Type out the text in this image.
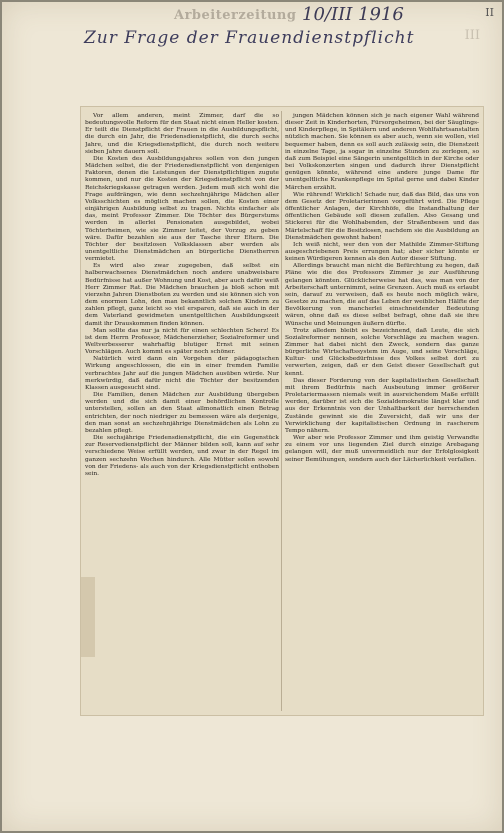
Arbeiterzeitung 10/III 1916	II
III
Zur Frage der Frauendienstpflicht

Vor allem anderen, meint Zimmer, darf die so bedeutungsvolle Reform für den Staat nicht einen Heller kosten. Er teilt die Dienstpflicht der Frauen in die Ausbildungspflicht, die durch ein Jahr, die Friedensdienstpflicht, die durch sechs Jahre, und die Kriegsdienstpflicht, die durch noch weitere sieben Jahre dauern soll.

Die Kosten des Ausbildungsjahres sollen von den jungen Mädchen selbst, die der Friedensdienstpflicht von denjenigen Faktoren, denen die Leistungen der Dienstpflichtigen zugute kommen, und nur die Kosten der Kriegsdienstpflicht von der Reichskriegskasse getragen werden. Jedem muß sich wohl die Frage aufdrängen, wie denn sechzehnjährige Mädchen aller Volksschichten es möglich machen sollen, die Kosten einer einjährigen Ausbildung selbst zu tragen. Nichts einfacher als das, meint Professor Zimmer. Die Töchter des Bürgerstums werden in allerlei Pensionaten ausgebildet, wobei Töchterheimen, wie sie Zimmer leitet, der Vorzug zu geben wäre. Dafür bezahlen sie aus der Tasche ihrer Eltern. Die Töchter der besitzlosen Volksklassen aber werden als unentgeltliche Dienstmädchen an bürgerliche Dienstherren vermietet.

Es wird also zwar zugegeben, daß selbst ein halberwachsenes Dienstmädchen noch andere unabweisbare Bedürfnisse hat außer Wohnung und Kost, aber auch dafür weiß Herr Zimmer Rat. Die Mädchen brauchen ja bloß schon mit vierzehn Jahren Dienstboten zu werden und sie können sich von dem enormen Lohn, den man bekanntlich solchen Kindern zu zahlen pflegt, ganz leicht so viel ersparen, daß sie auch in der dem Vaterland gewidmeten unentgeltlichen Ausbildungszeit damit ihr Drauskommen finden können.

Man sollte das nur ja nicht für einen schlechten Scherz! Es ist dem Herrn Professor, Mädchenerzieher, Sozialreformer und Weltverbesserer wahrhaftig blutiger Ernst mit seinen Vorschlägen. Auch kommt es später noch schöner.

Natürlich wird dann ein Vorgehen der pädagogischen Wirkung angeschlossen, die ein in einer fremden Familie verbrachtes Jahr auf die jungen Mädchen ausüben würde. Nur merkwürdig, daß dafür nicht die Töchter der besitzenden Klassen ausgesucht sind.

Die Familien, denen Mädchen zur Ausbildung übergeben werden und die sich damit einer behördlichen Kontrolle unterstellen, sollen an den Staat allmonatlich einen Betrag entrichten, der noch niedriger zu bemessen wäre als derjenige, den man sonst an sechzehnjährige Dienstmädchen als Lohn zu bezahlen pflegt.

Die sechsjährige Friedensdienstpflicht, die ein Gegenstück zur Reservedienstpflicht der Männer bilden soll, kann auf sehr verschiedene Weise erfüllt werden, und zwar in der Regel im ganzen sechzehn Wochen hindurch. Alle Mütter sollen sowohl von der Friedens- als auch von der Kriegsdienstpflicht enthoben sein.

jungen Mädchen können sich je nach eigener Wahl während dieser Zeit in Kinderhorten, Fürsorgeheimen, bei der Säuglings- und Kinderpflege, in Spitälern und anderen Wohlfahrtsanstalten nützlich machen. Sie können es aber auch, wenn sie wollen, viel bequemer haben, denn es soll auch zulässig sein, die Dienstzeit in einzelne Tage, ja sogar in einzelne Stunden zu zerlegen, so daß zum Beispiel eine Sängerin unentgeltlich in der Kirche oder bei Volkskonzerten singen und dadurch ihrer Dienstpflicht genügen könnte, während eine andere junge Dame für unentgeltliche Krankenpflege im Spital gerne und dabei Kinder Märchen erzählt.

Wie rührend! Wirklich! Schade nur, daß das Bild, das uns von dem Gesetz der Proletarierinnen vorgeführt wird. Die Pflege öffentlicher Anlagen, der Kirchhöfe, die Instandhaltung der öffentlichen Gebäude soll diesen zufallen. Also Gesang und Stickerei für die Wohlhabenden, der Straßenbesen und das Märtelschaff für die Besitzlosen, nachdem sie die Ausbildung an Dienstmädchen gewohnt haben!

Ich weiß nicht, wer den von der Mathilde Zimmer-Stiftung ausgeschriebenen Preis errungen hat; aber sicher könnte er keinen Würdigeren kennen als den Autor dieser Stiftung.

Allerdings braucht man nicht die Befürchtung zu hegen, daß Pläne wie die des Professors Zimmer je zur Ausführung gelangen könnten. Glücklicherweise hat das, was man von der Arbeiterschaft unternimmt, seine Grenzen. Auch muß es erlaubt sein, darauf zu verweisen, daß es heute noch möglich wäre, Gesetze zu machen, die auf das Leben der weiblichen Hälfte der Bevölkerung von mancherlei einschneidender Bedeutung wären, ohne daß es diese selbst befragt, ohne daß sie ihre Wünsche und Meinungen äußern dürfte.

Trotz alledem bleibt es bezeichnend, daß Leute, die sich Sozialreformer nennen, solche Vorschläge zu machen wagen. Zimmer hat dabei nicht den Zweck, sondern das ganze bürgerliche Wirtschaftssystem im Auge, und seine Vorschläge, Kultur- und Glücksbedürfnisse des Volkes selbst dort zu verwerten, zeigen, daß er den Geist dieser Gesellschaft gut kennt.

Das dieser Forderung von der kapitalistischen Gesellschaft mit ihrem Bedürfnis nach Ausbeutung immer größerer Proletariermassen niemals weit in ausreichendem Maße erfüllt werden, darüber ist sich die Sozialdemokratie längst klar und aus der Erkenntnis von der Unhaltbarkeit der herrschenden Zustände gewinnt sie die Zuversicht, daß wir uns der Verwirklichung der kapitalistischen Ordnung in rascherem Tempo nähern.

Wer aber wie Professor Zimmer und ihm geistig Verwandte zu einem vor uns liegenden Ziel durch einzige Arebagang gelangen will, der muß unvermeidlich nur der Erfolglosigkeit seiner Bemühungen, sondern auch der Lächerlichkeit verfallen.
